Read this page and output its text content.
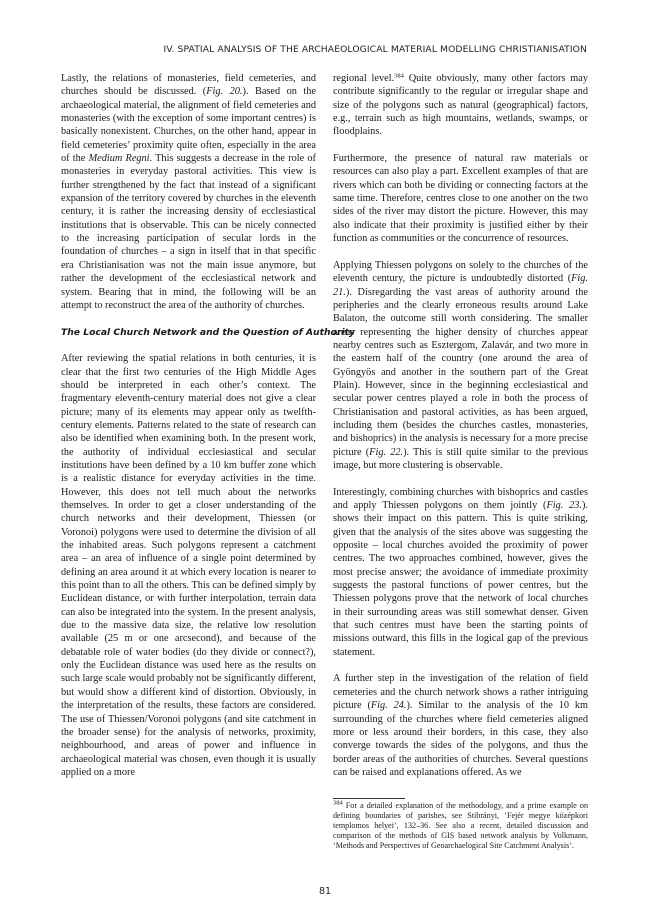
IV. SPATIAL ANALYSIS OF THE ARCHAEOLOGICAL MATERIAL MODELLING CHRISTIANISATION

Lastly, the relations of monasteries, field cemeteries, and churches should be discussed. (Fig. 20.). Based on the archaeological material, the alignment of field cemeteries and monasteries (with the exception of some important centres) is basically nonexistent. Churches, on the other hand, appear in field cemeteries’ proximity quite often, especially in the area of the Medium Regni. This suggests a decrease in the role of monasteries in everyday pastoral activities. This view is further strengthened by the fact that instead of a significant expansion of the territory covered by churches in the eleventh century, it is rather the increasing density of ecclesiastical institutions that is observable. This can be nicely connected to the increasing participation of secular lords in the foundation of churches – a sign in itself that in that specific era Christianisation was not the main issue anymore, but rather the development of the ecclesiastical network and system. Bearing that in mind, the following will be an attempt to reconstruct the area of the authority of churches.

The Local Church Network and the Question of Authority

After reviewing the spatial relations in both centuries, it is clear that the first two centuries of the High Middle Ages should be interpreted in each other’s context. The fragmentary eleventh-century material does not give a clear picture; many of its elements may appear only as twelfth-century elements. Patterns related to the state of research can also be identified when examining both. In the present work, the authority of individual ecclesiastical and secular institutions have been defined by a 10 km buffer zone which is a realistic distance for everyday activities in the time. However, this does not tell much about the networks themselves. In order to get a closer understanding of the church networks and their development, Thiessen (or Voronoi) polygons were used to determine the division of all the inhabited areas. Such polygons represent a catchment area – an area of influence of a single point determined by defining an area around it at which every location is nearer to this point than to all the others. This can be defined simply by Euclidean distance, or with further interpolation, terrain data can also be integrated into the system. In the present analysis, due to the massive data size, the relative low resolution available (25 m or one arcsecond), and because of the debatable role of water bodies (do they divide or connect?), only the Euclidean distance was used here as the results on such large scale would probably not be significantly different, but would show a different kind of distortion. Obviously, in the interpretation of the results, these factors are considered. The use of Thiessen/Voronoi polygons (and site catchment in the broader sense) for the analysis of networks, proximity, neighbourhood, and areas of power and influence in archaeological material was chosen, even though it is usually applied on a more

regional level.$^{384}$ Quite obviously, many other factors may contribute significantly to the regular or irregular shape and size of the polygons such as natural (geographical) factors, e.g., terrain such as high mountains, wetlands, swamps, or floodplains.

Furthermore, the presence of natural raw materials or resources can also play a part. Excellent examples of that are rivers which can both be dividing or connecting factors at the same time. Therefore, centres close to one another on the two sides of the river may distort the picture. However, this may also indicate that their proximity is justified either by their function as communities or the concurrence of resources.

Applying Thiessen polygons on solely to the churches of the eleventh century, the picture is undoubtedly distorted (Fig. 21.). Disregarding the vast areas of authority around the peripheries and the clearly erroneous results around Lake Balaton, the outcome still worth considering. The smaller areas representing the higher density of churches appear nearby centres such as Esztergom, Zalavár, and two more in the eastern half of the country (one around the area of Gyöngyös and another in the southern part of the Great Plain). However, since in the beginning ecclesiastical and secular power centres played a role in both the process of Christianisation and pastoral activities, as has been argued, including them (besides the churches castles, monasteries, and bishoprics) in the analysis is necessary for a more precise picture (Fig. 22.). This is still quite similar to the previous image, but more clustering is observable.

Interestingly, combining churches with bishoprics and castles and apply Thiessen polygons on them jointly (Fig. 23.). shows their impact on this pattern. This is quite striking, given that the analysis of the sites above was suggesting the opposite – local churches avoided the proximity of power centres. The two approaches combined, however, gives the most precise answer; the avoidance of immediate proximity suggests the pastoral functions of power centres, but the Thiessen polygons prove that the network of local churches in their surrounding areas was still somewhat denser. Given that such centres must have been the starting points of missions outward, this fills in the logical gap of the previous statement.

A further step in the investigation of the relation of field cemeteries and the church network shows a rather intriguing picture (Fig. 24.). Similar to the analysis of the 10 km surrounding of the churches where field cemeteries aligned more or less around their borders, in this case, they also converge towards the sides of the polygons, and thus the border areas of the authorities of churches. Several questions can be raised and explanations offered. As we

$^{384}$ For a detailed explanation of the methodology, and a prime example on defining boundaries of parishes, see Stibrányi, ‘Fejér megye középkori templomos helyei’, 132–36. See also a recent, detailed discussion and comparison of the methods of GIS based network analysis by Volkmann, ‘Methods and Perspectives of Geoarchaelogical Site Catchment Analysis’.
81
